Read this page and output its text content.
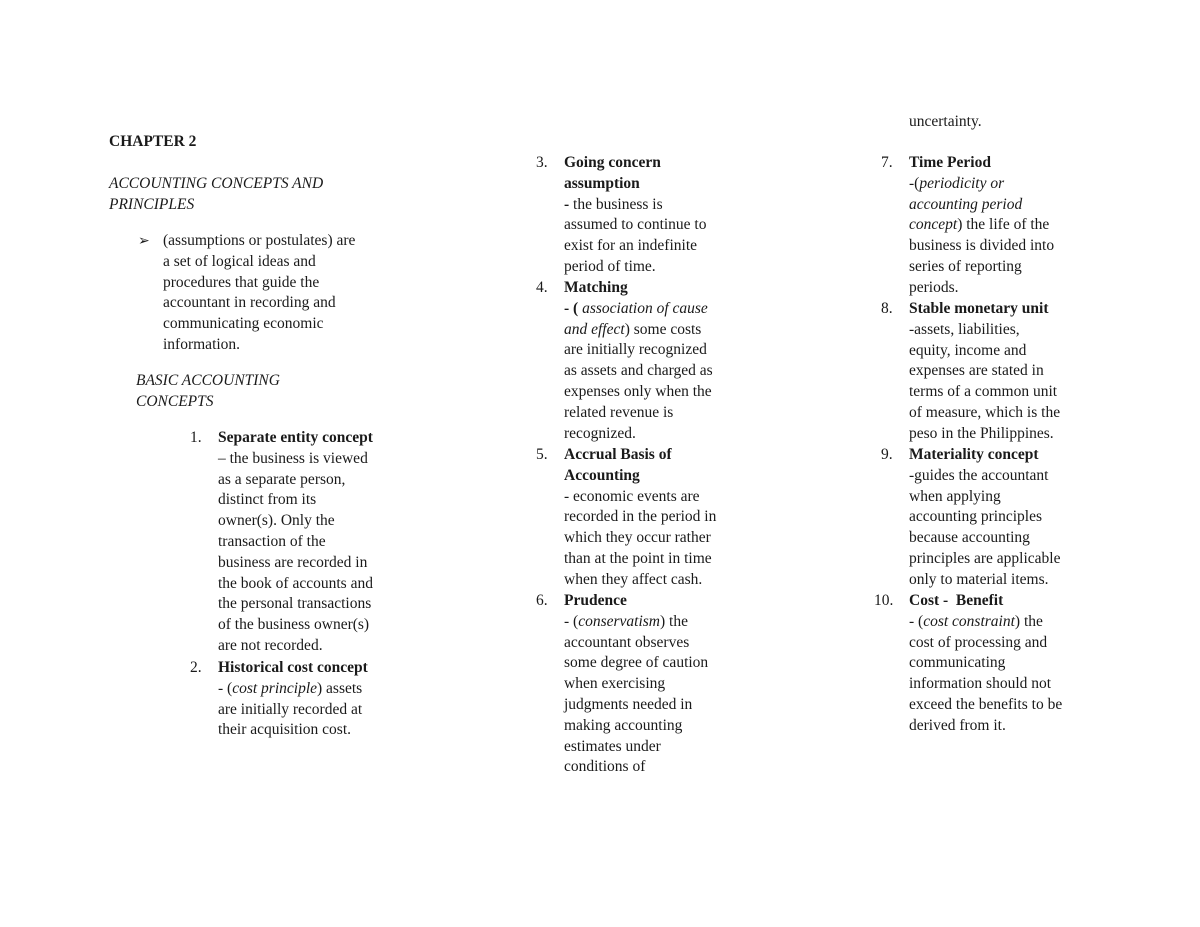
CHAPTER 2
ACCOUNTING CONCEPTS AND
PRINCIPLES
➢ (assumptions or postulates) are
a set of logical ideas and
procedures that guide the
accountant in recording and
communicating economic
information.
BASIC ACCOUNTING
CONCEPTS
1. Separate entity concept
– the business is viewed
as a separate person,
distinct from its
owner(s). Only the
transaction of the
business are recorded in
the book of accounts and
the personal transactions
of the business owner(s)
are not recorded.
2. Historical cost concept
- (cost principle) assets
are initially recorded at
their acquisition cost.
3. Going concern
assumption
- the business is
assumed to continue to
exist for an indefinite
period of time.
4. Matching
- ( association of cause
and effect) some costs
are initially recognized
as assets and charged as
expenses only when the
related revenue is
recognized.
5. Accrual Basis of
Accounting
- economic events are
recorded in the period in
which they occur rather
than at the point in time
when they affect cash.
6. Prudence
- (conservatism) the
accountant observes
some degree of caution
when exercising
judgments needed in
making accounting
estimates under
conditions of
uncertainty.
7. Time Period
-(periodicity or
accounting period
concept) the life of the
business is divided into
series of reporting
periods.
8. Stable monetary unit
-assets, liabilities,
equity, income and
expenses are stated in
terms of a common unit
of measure, which is the
peso in the Philippines.
9. Materiality concept
-guides the accountant
when applying
accounting principles
because accounting
principles are applicable
only to material items.
10. Cost -  Benefit
- (cost constraint) the
cost of processing and
communicating
information should not
exceed the benefits to be
derived from it.
